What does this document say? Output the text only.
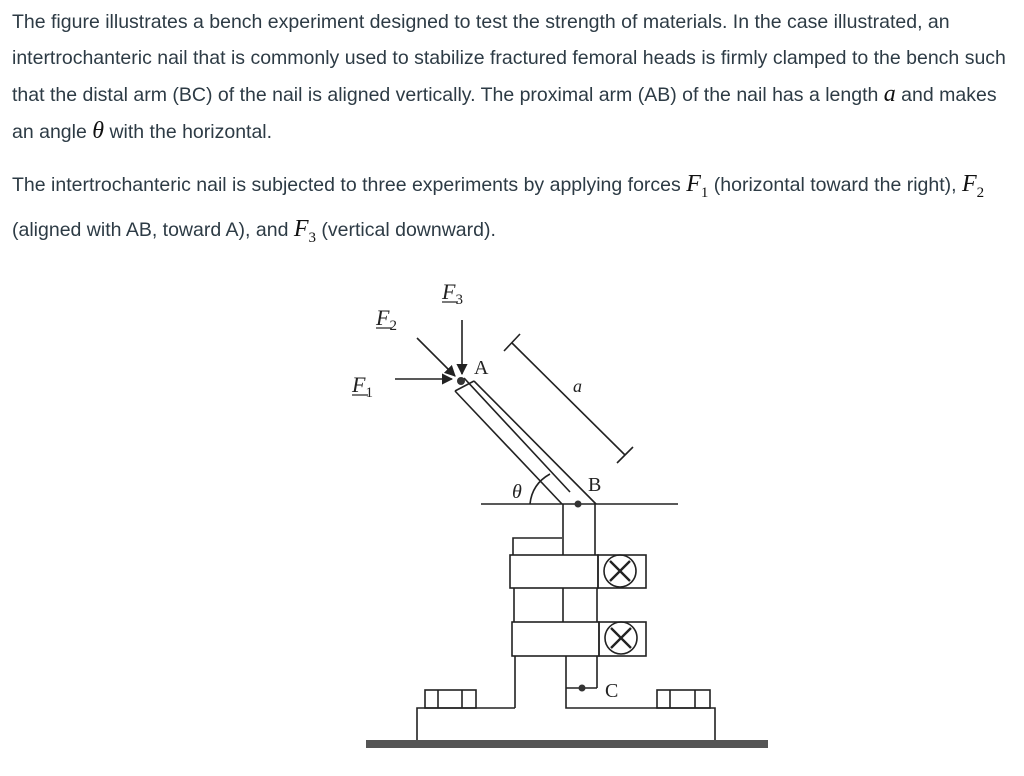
The figure illustrates a bench experiment designed to test the strength of materials. In the case illustrated, an intertrochanteric nail that is commonly used to stabilize fractured femoral heads is firmly clamped to the bench such that the distal arm (BC) of the nail is aligned vertically. The proximal arm (AB) of the nail has a length a and makes an angle θ with the horizontal.

The intertrochanteric nail is subjected to three experiments by applying forces $F_1$ (horizontal toward the right), $F_2$ (aligned with AB, toward A), and $F_3$ (vertical downward).

$F_1$
$F_2$
$F_3$
A
B
C
a
θ
